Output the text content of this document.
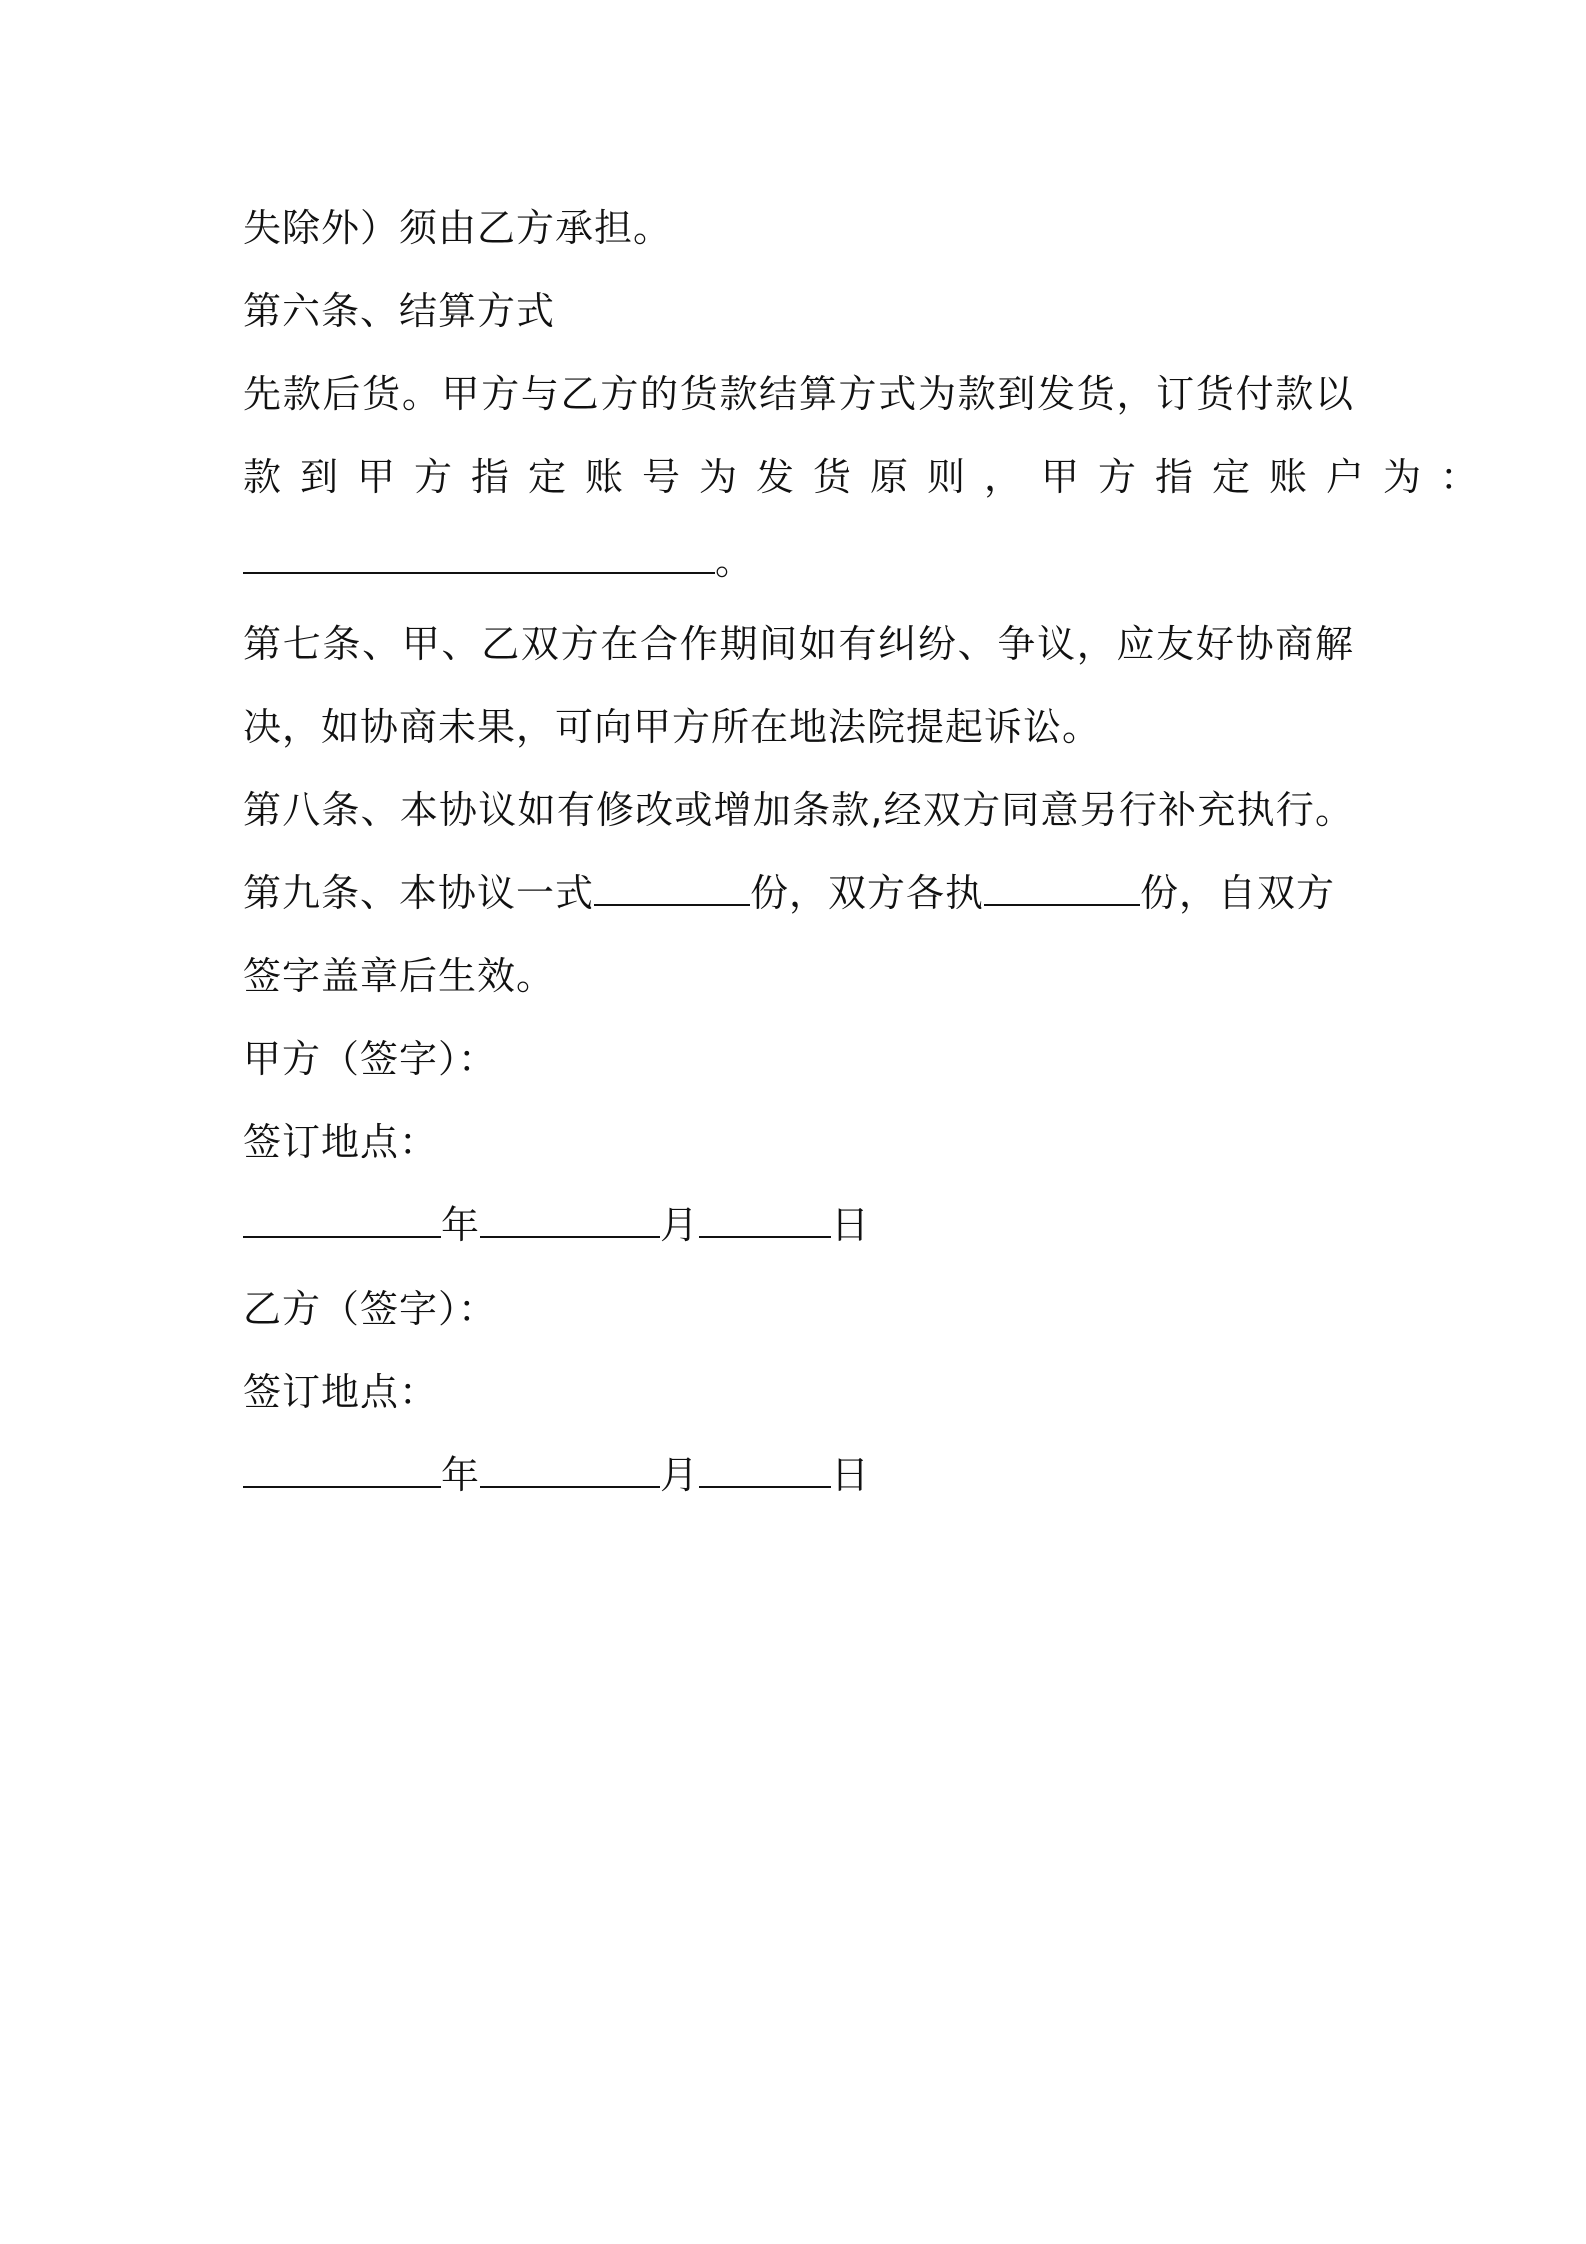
失除外）须由乙方承担。
第六条、结算方式
先款后货。甲方与乙方的货款结算方式为款到发货，订货付款以
款到甲方指定账号为发货原则，甲方指定账户为：
。
第七条、甲、乙双方在合作期间如有纠纷、争议，应友好协商解
决，如协商未果，可向甲方所在地法院提起诉讼。
第八条、本协议如有修改或增加条款,经双方同意另行补充执行。
第九条、本协议一式	份，双方各执	份，自双方
签字盖章后生效。
甲方（签字）：
签订地点：
年	月	日
乙方（签字）：
签订地点：
年	月	日
